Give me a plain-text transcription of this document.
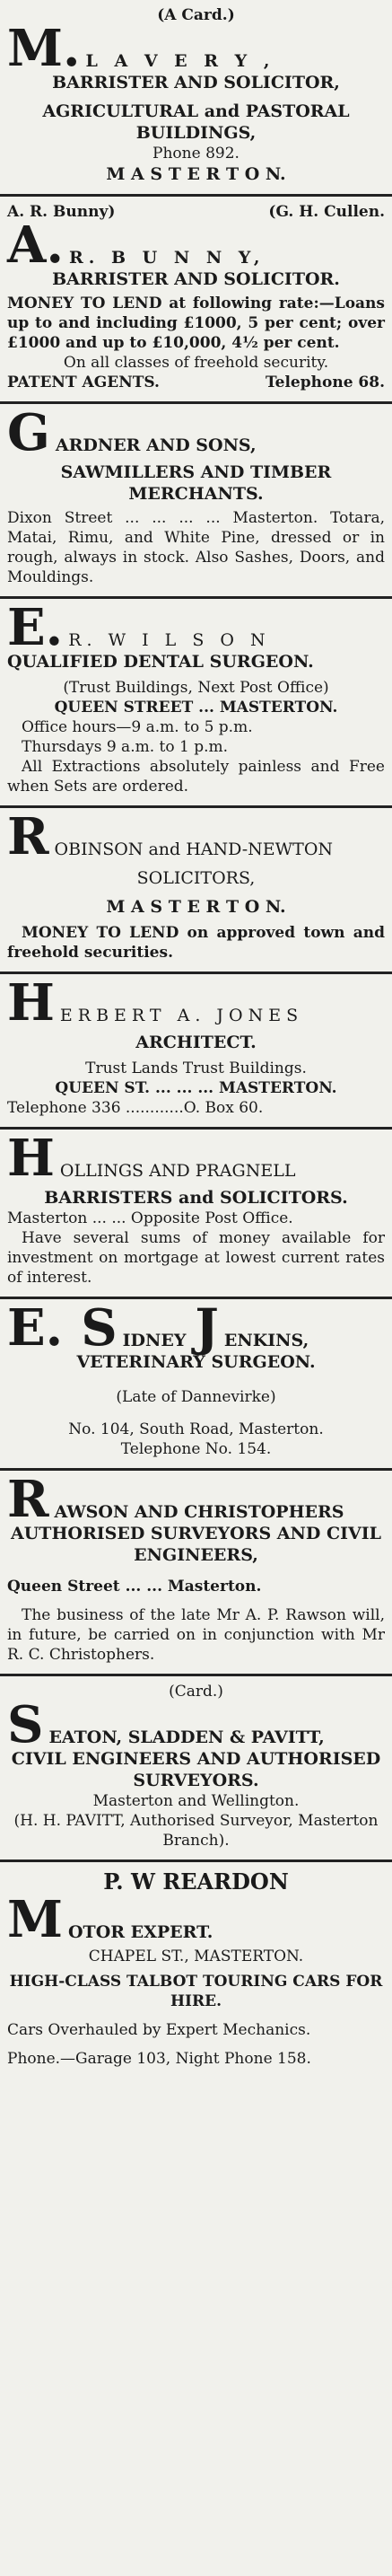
(A Card.)
M. L A V E R Y ,
BARRISTER AND SOLICITOR,
AGRICULTURAL and PASTORAL BUILDINGS,
Phone 892.
M A S T E R T O N.
A. R. Bunny)	(G. H. Cullen.
A. R. B U N N Y,
BARRISTER AND SOLICITOR.
MONEY TO LEND at following rate:—Loans up to and including £1000, 5 per cent; over £1000 and up to £10,000, 4½ per cent.
On all classes of freehold security.
PATENT AGENTS.	Telephone 68.
G ARDNER AND SONS,
SAWMILLERS AND TIMBER MERCHANTS.
Dixon Street ... ... ... ... Masterton. Totara, Matai, Rimu, and White Pine, dressed or in rough, always in stock. Also Sashes, Doors, and Mouldings.
E. R. W I L S O N
QUALIFIED DENTAL SURGEON.
(Trust Buildings, Next Post Office)
QUEEN STREET ... MASTERTON.
Office hours—9 a.m. to 5 p.m.
Thursdays 9 a.m. to 1 p.m.
All Extractions absolutely painless and Free when Sets are ordered.
R OBINSON and HAND-NEWTON
SOLICITORS,
M A S T E R T O N.
MONEY TO LEND on approved town and freehold securities.
H ERBERT A. JONES
ARCHITECT.
Trust Lands Trust Buildings.
QUEEN ST. ... ... ... MASTERTON.
Telephone 336 ............O. Box 60.
H OLLINGS AND PRAGNELL
BARRISTERS and SOLICITORS.
Masterton ... ... Opposite Post Office.
Have several sums of money available for investment on mortgage at lowest current rates of interest.
E. S IDNEY J ENKINS,
VETERINARY SURGEON.
(Late of Dannevirke)
No. 104, South Road, Masterton.
Telephone No. 154.
R AWSON AND CHRISTOPHERS
AUTHORISED SURVEYORS AND CIVIL ENGINEERS,
Queen Street ... ... Masterton.
The business of the late Mr A. P. Rawson will, in future, be carried on in conjunction with Mr R. C. Christophers.
(Card.)
S EATON, SLADDEN & PAVITT,
CIVIL ENGINEERS AND AUTHORISED SURVEYORS.
Masterton and Wellington.
(H. H. PAVITT, Authorised Surveyor, Masterton Branch).
P. W REARDON
M OTOR EXPERT.
CHAPEL ST., MASTERTON.
HIGH-CLASS TALBOT TOURING CARS FOR HIRE.
Cars Overhauled by Expert Mechanics.
Phone.—Garage 103, Night Phone 158.
